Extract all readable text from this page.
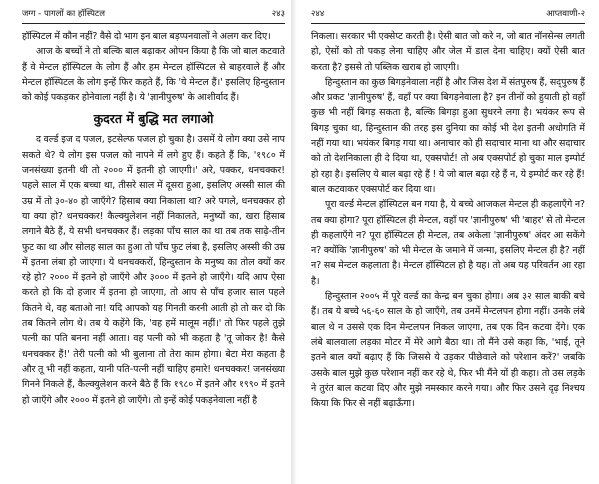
जग्ग - पागलों का हॉस्पिटल	२४३

हॉस्पिटल में कौन नहीं? वैसे दो भाग इन बाल बड़प्पनवालों ने अलग कर दिए।

आज के बच्चों ने तो बल्कि बाल बढ़ाकर ओपन किया है कि जो बाल कटवाते हैं वे मेन्टल हॉस्पिटल के लोग हैं और हम मेन्टल हॉस्पिटल से बाहरवाले हैं और मेन्टल हॉस्पिटल के लोग इन्हें फिर कहते हैं, कि 'ये मेन्टल हैं।' इसलिए हिन्दुस्तान को कोई पकड़कर होनेवाला नहीं है। ये 'ज्ञानीपुरुष' के आशीर्वाद हैं।

कुदरत में बुद्धि मत लगाओ

द वर्ल्ड इज द पजल, इटसेल्फ पजल हो चुका है। उसमें ये लोग क्या उसे नाप सकते थे? ये लोग इस पजल को नापने में लगे हुए हैं। कहते हैं कि, '१९८० में जनसंख्या इतनी थी तो २००० में इतनी हो जाएगी।' अरे, पक्कर, धनचक्कर! पहले साल में एक बच्चा था, तीसरे साल में दूसरा हुआ, इसलिए अस्सी साल की उम्र में तो ३०-४० हो जाएँगे? हिसाब क्या निकाला था? अरे पगले, धनचक्कर हो या क्या हो? धनचक्कर! कैल्क्युलेशन नहीं निकालते, मनुष्यों का, खरा हिसाब लगाने बैठे हैं, ये सभी धनचक्कर हैं। लड़का पाँच साल का था तब तक साढ़े-तीन फुट का था और सोलह साल का हुआ तो पाँच फुट लंबा है, इसलिए अस्सी की उम्र में इतना लंबा हो जाएगा। ये धनचक्करों, हिन्दुस्तान के मनुष्य का तोल क्यों कर रहे हो? २००० में इतने हो जाएँगे और ३००० में इतने हो जाएँगे। यदि आप ऐसा करते हो कि दो हजार में इतना हो जाएगा, तो आप से पाँच हजार साल पहले कितने थे, वह बताओ ना! यदि आपको यह गिनती करनी आती हो तो कर दो कि तब कितने लोग थे। तब ये कहेंगे कि, 'वह हमें मालूम नहीं।' तो फिर पहले तुझे पत्नी का पति बनना नहीं आता। वह पत्नी को भी कहता है 'तू जोकर है! कैसे धनचक्कर हैं!' तेरी पत्नी को भी बुलाना तो तेरा काम होगा। बेटा मेरा कहता है और तू भी नहीं कहता, यानी पति-पत्नी नहीं चाहिए हमारे! धनचक्कर! जनसंख्या गिनने निकले हैं, कैल्क्युलेशन करने बैठे हैं कि १९८० में इतने और १९९० में इतने हो जाएँगे और २००० में इतने हो जाएँगे। तो इन्हें कोई पकड़नेवाला नहीं है

२४४	आप्तवाणी-२

निकला। सरकार भी एक्सेप्ट करती है। ऐसी बात जो करे न, जो बात नॉनसेन्स लगती हो, ऐसों को तो पकड़ लेना चाहिए और जेल में डाल देना चाहिए। क्यों ऐसी बात करता है? इससे तो पब्लिक खराब हो जाएगी।

हिन्दुस्तान का कुछ बिगड़नेवाला नहीं है और जिस देश में संतपुरुष हैं, सद्पुरुष हैं और प्रकट 'ज्ञानीपुरुष' हैं, वहाँ पर क्या बिगड़नेवाला है? इन तीनों को हुयाती हो वहाँ कुछ भी नहीं बिगड़ सकता है, बल्कि बिगड़ा हुआ सुधरने लगा है। भयंकर रूप से बिगड़ चुका था, हिन्दुस्तान की तरह इस दुनिया का कोई भी देश इतनी अधोगति में नहीं गया था। भयंकर बिगड़ गया था। अनाचार को ही सदाचार माना था और सदाचार को तो देशनिकाला ही दे दिया था, एक्सपोर्ट! तो अब एक्सपोर्ट हो चुका माल इम्पोर्ट हो रहा है। इसलिए ये बाल बढ़ा रहे हैं ! ये जो बाल बढ़ा रहे हैं न, ये इम्पोर्ट कर रहे हैं! बाल कटवाकर एक्सपोर्ट कर दिया था।

पूरा वर्ल्ड मेन्टल हॉस्पिटल बन गया है, ये बच्चे आजकल मेन्टल ही कहलाएँगे न? तब क्या होगा? पूरा हॉस्पिटल ही मेन्टल, वहाँ पर 'ज्ञानीपुरुष' भी 'बाहर' से तो मेन्टल ही कहलाएँगे न? पूरा हॉस्पिटल ही मेन्टल, तब अकेला 'ज्ञानीपुरुष' अंदर आ सकेंगे न? क्योंकि 'ज्ञानीपुरुष' को भी मेन्टल के जमाने में जन्मा, इसलिए मेन्टल ही है? नहीं न? सब मेन्टल कहलाता है। मेन्टल हॉस्पिटल हो है यह। तो अब यह परिवर्तन आ रहा है।

हिन्दुस्तान २००५ में पूरे वर्ल्ड का केन्द्र बन चुका होगा। अब ३२ साल बाकी बचे हैं। तब ये बच्चे ५६-६० साल के हो जाएँगे, तब उनमें मेन्टलपन होगा नहीं। उनके लंबे बाल थे न उससे एक दिन मेन्टलपन निकल जाएगा, तब एक दिन कटवा देंगे। एक लंबे बालवाला लड़का मोटर में मेरे आगे बैठा था। तो मैंने उसे कहा कि, 'भाई, तूने इतने बाल क्यों बढ़ाए हैं कि जिससे ये उड़कर पीछेवाले को परेशान करें?' जबकि उसके बाल मुझे कुछ परेशान नहीं कर रहे थे, फिर भी मैंने यों ही कहा। तो उस लड़के ने तुरंत बाल कटवा दिए और मुझे नमस्कार करने गया। और फिर उसने दृढ़ निश्चय किया कि फिर से नहीं बढ़ाऊँगा।
